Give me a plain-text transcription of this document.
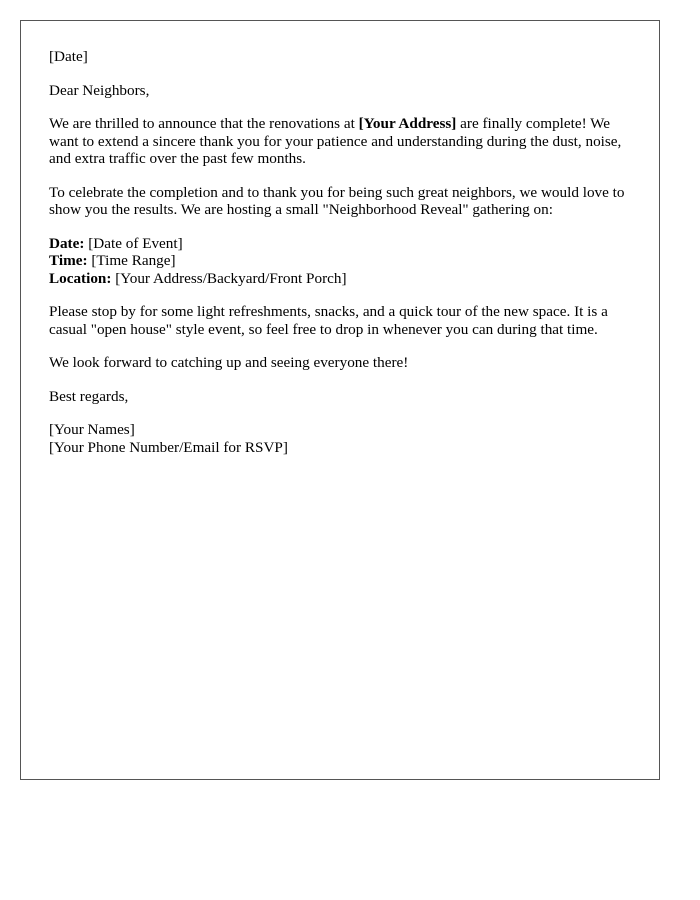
[Date]

Dear Neighbors,

We are thrilled to announce that the renovations at [Your Address] are finally complete! We want to extend a sincere thank you for your patience and understanding during the dust, noise, and extra traffic over the past few months.

To celebrate the completion and to thank you for being such great neighbors, we would love to show you the results. We are hosting a small "Neighborhood Reveal" gathering on:

Date: [Date of Event]

Time: [Time Range]

Location: [Your Address/Backyard/Front Porch]

Please stop by for some light refreshments, snacks, and a quick tour of the new space. It is a casual "open house" style event, so feel free to drop in whenever you can during that time.

We look forward to catching up and seeing everyone there!

Best regards,

[Your Names]

[Your Phone Number/Email for RSVP]
